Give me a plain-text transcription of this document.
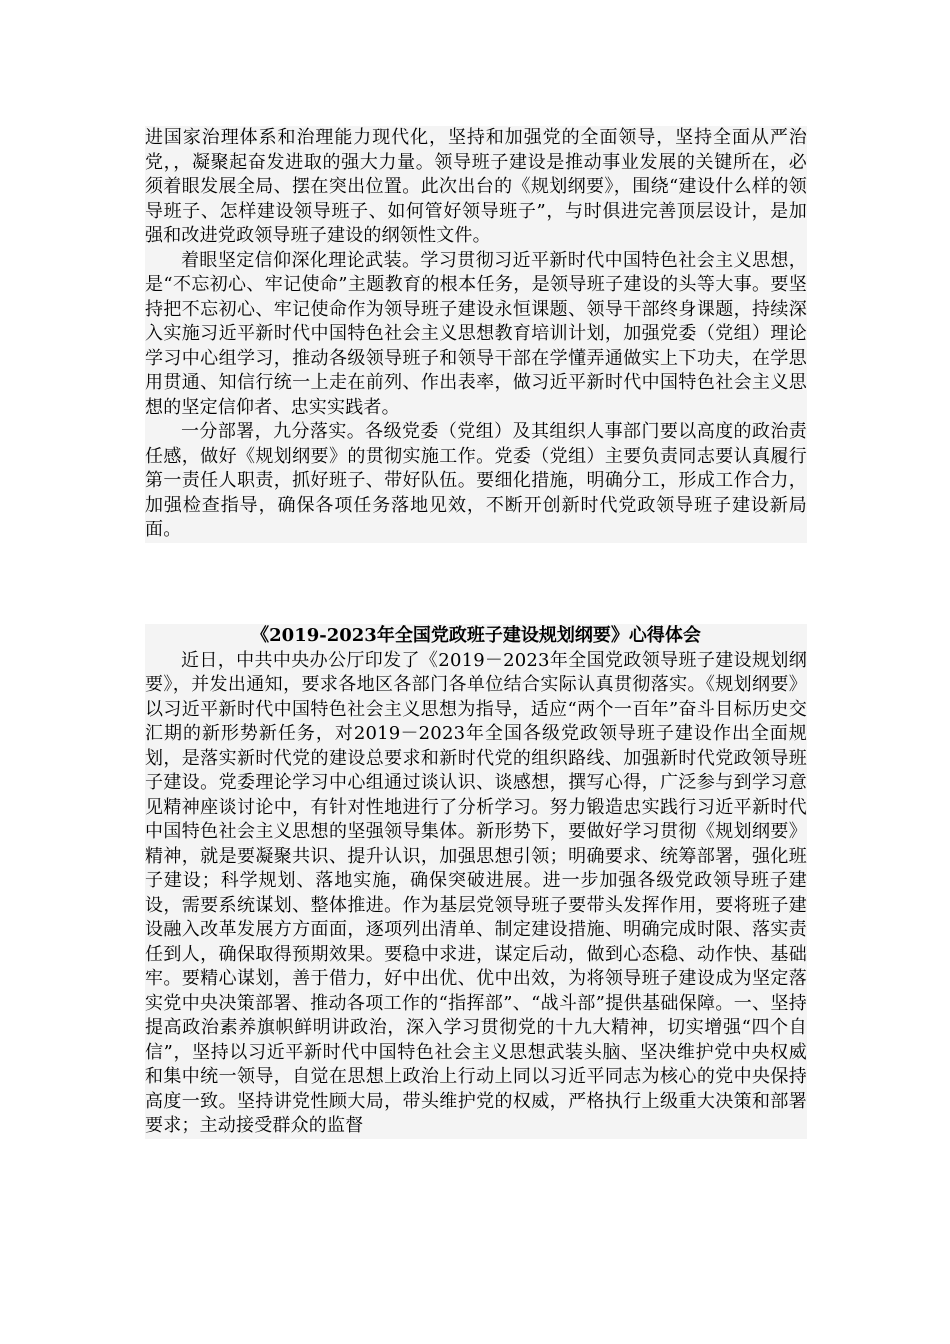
进国家治理体系和治理能力现代化，坚持和加强党的全面领导，坚持全面从严治党，，凝聚起奋发进取的强大力量。领导班子建设是推动事业发展的关键所在，必须着眼发展全局、摆在突出位置。此次出台的《规划纲要》，围绕“建设什么样的领导班子、怎样建设领导班子、如何管好领导班子”，与时俱进完善顶层设计，是加强和改进党政领导班子建设的纲领性文件。

着眼坚定信仰深化理论武装。学习贯彻习近平新时代中国特色社会主义思想，是“不忘初心、牢记使命”主题教育的根本任务，是领导班子建设的头等大事。要坚持把不忘初心、牢记使命作为领导班子建设永恒课题、领导干部终身课题，持续深入实施习近平新时代中国特色社会主义思想教育培训计划，加强党委（党组）理论学习中心组学习，推动各级领导班子和领导干部在学懂弄通做实上下功夫，在学思用贯通、知信行统一上走在前列、作出表率，做习近平新时代中国特色社会主义思想的坚定信仰者、忠实实践者。

一分部署，九分落实。各级党委（党组）及其组织人事部门要以高度的政治责任感，做好《规划纲要》的贯彻实施工作。党委（党组）主要负责同志要认真履行第一责任人职责，抓好班子、带好队伍。要细化措施，明确分工，形成工作合力，加强检查指导，确保各项任务落地见效，不断开创新时代党政领导班子建设新局面。

《2019-2023年全国党政班子建设规划纲要》心得体会

近日，中共中央办公厅印发了《2019－2023年全国党政领导班子建设规划纲要》，并发出通知，要求各地区各部门各单位结合实际认真贯彻落实。《规划纲要》以习近平新时代中国特色社会主义思想为指导，适应“两个一百年”奋斗目标历史交汇期的新形势新任务，对2019－2023年全国各级党政领导班子建设作出全面规划，是落实新时代党的建设总要求和新时代党的组织路线、加强新时代党政领导班子建设。党委理论学习中心组通过谈认识、谈感想，撰写心得，广泛参与到学习意见精神座谈讨论中，有针对性地进行了分析学习。努力锻造忠实践行习近平新时代中国特色社会主义思想的坚强领导集体。新形势下，要做好学习贯彻《规划纲要》精神，就是要凝聚共识、提升认识，加强思想引领；明确要求、统筹部署，强化班子建设；科学规划、落地实施，确保突破进展。进一步加强各级党政领导班子建设，需要系统谋划、整体推进。作为基层党领导班子要带头发挥作用，要将班子建设融入改革发展方方面面，逐项列出清单、制定建设措施、明确完成时限、落实责任到人，确保取得预期效果。要稳中求进，谋定后动，做到心态稳、动作快、基础牢。要精心谋划，善于借力，好中出优、优中出效，为将领导班子建设成为坚定落实党中央决策部署、推动各项工作的“指挥部”、“战斗部”提供基础保障。一、坚持提高政治素养旗帜鲜明讲政治，深入学习贯彻党的十九大精神，切实增强“四个自信”，坚持以习近平新时代中国特色社会主义思想武装头脑、坚决维护党中央权威和集中统一领导，自觉在思想上政治上行动上同以习近平同志为核心的党中央保持高度一致。坚持讲党性顾大局，带头维护党的权威，严格执行上级重大决策和部署要求；主动接受群众的监督
